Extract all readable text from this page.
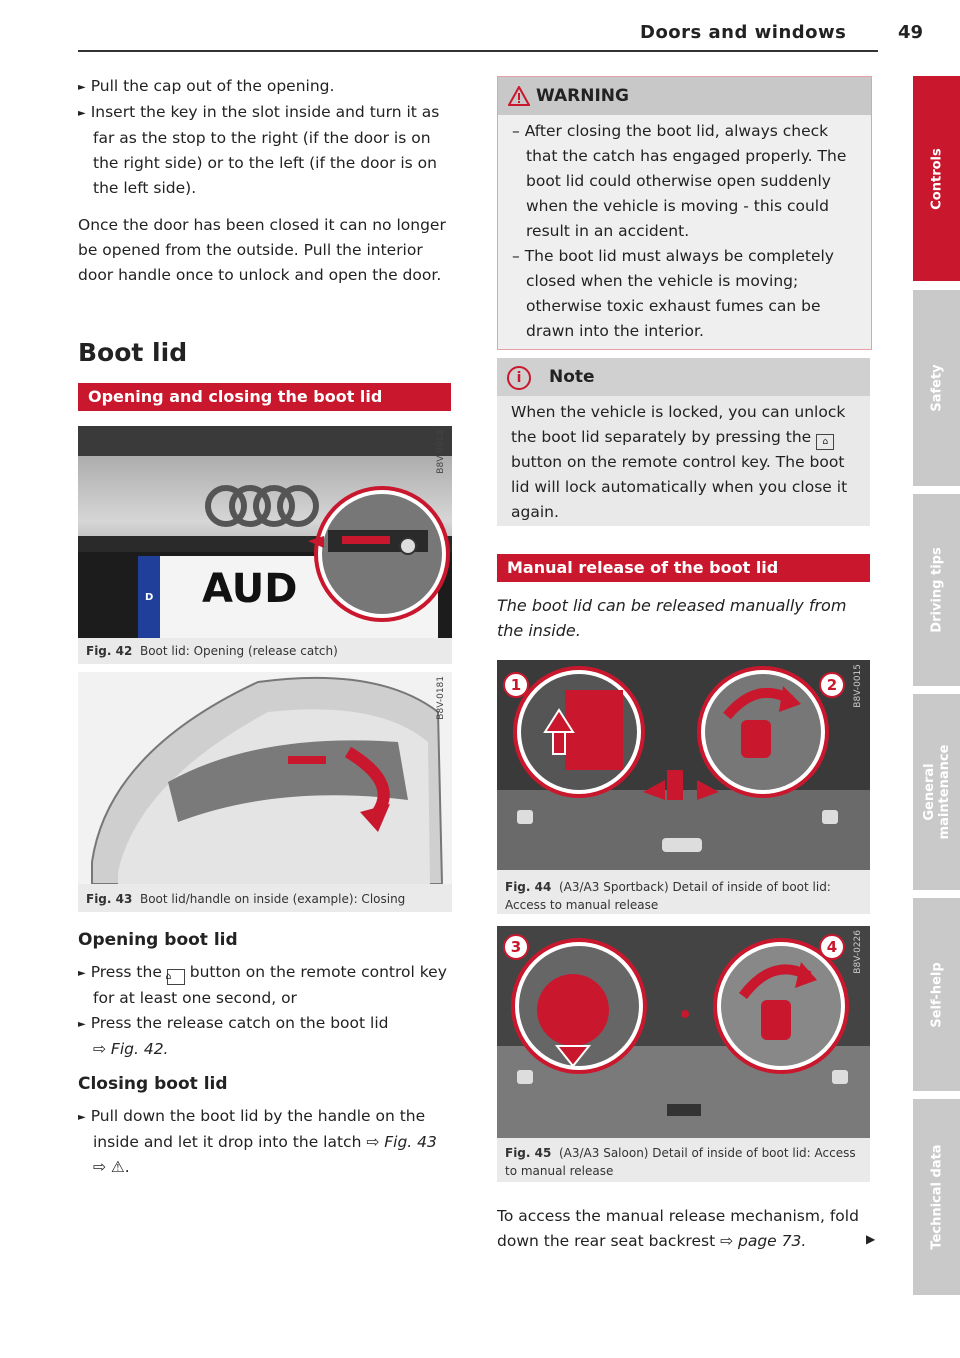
Doors and windows	49

► Pull the cap out of the opening.

► Insert the key in the slot inside and turn it as far as the stop to the right (if the door is on the right side) or to the left (if the door is on the left side).

Once the door has been closed it can no longer be opened from the outside. Pull the interior door handle once to unlock and open the door.

Boot lid
Opening and closing the boot lid
AUD
D
B8V-0014
Fig. 42 Boot lid: Opening (release catch)
B8V-0181
Fig. 43 Boot lid/handle on inside (example): Closing
Opening boot lid

► Press the ⌂ button on the remote control key for at least one second, or

► Press the release catch on the boot lid
⇨ Fig. 42.

Closing boot lid

► Pull down the boot lid by the handle on the inside and let it drop into the latch ⇨ Fig. 43
⇨ ⚠.

WARNING

– After closing the boot lid, always check that the catch has engaged properly. The boot lid could otherwise open suddenly when the vehicle is moving - this could result in an accident.

– The boot lid must always be completely closed when the vehicle is moving; otherwise toxic exhaust fumes can be drawn into the interior.

i	Note

When the vehicle is locked, you can unlock the boot lid separately by pressing the ⌂ button on the remote control key. The boot lid will lock automatically when you close it again.

Manual release of the boot lid

The boot lid can be released manually from the inside.

1	2	B8V-0015
Fig. 44 (A3/A3 Sportback) Detail of inside of boot lid: Access to manual release
3	4	B8V-0226
Fig. 45 (A3/A3 Saloon) Detail of inside of boot lid: Access to manual release

To access the manual release mechanism, fold down the rear seat backrest ⇨ page 73.	▶
Controls
Safety
Driving tips
General maintenance
Self-help
Technical data
